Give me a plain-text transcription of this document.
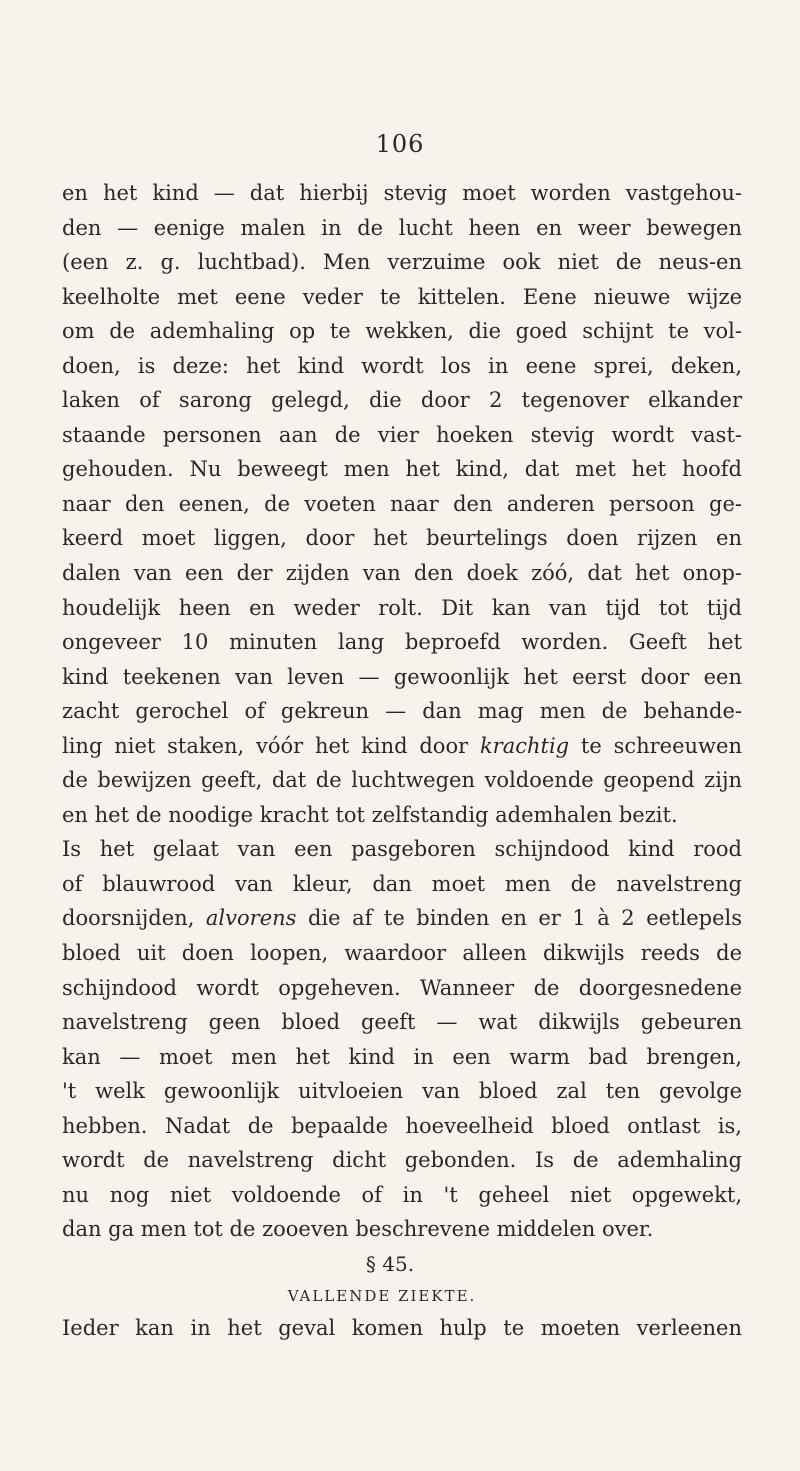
106
en het kind — dat hierbij stevig moet worden vastgehou-
den — eenige malen in de lucht heen en weer bewegen
(een z. g. luchtbad). Men verzuime ook niet de neus-en
keelholte met eene veder te kittelen. Eene nieuwe wijze
om de ademhaling op te wekken, die goed schijnt te vol-
doen, is deze: het kind wordt los in eene sprei, deken,
laken of sarong gelegd, die door 2 tegenover elkander
staande personen aan de vier hoeken stevig wordt vast-
gehouden. Nu beweegt men het kind, dat met het hoofd
naar den eenen, de voeten naar den anderen persoon ge-
keerd moet liggen, door het beurtelings doen rijzen en
dalen van een der zijden van den doek zóó, dat het onop-
houdelijk heen en weder rolt. Dit kan van tijd tot tijd
ongeveer 10 minuten lang beproefd worden. Geeft het
kind teekenen van leven — gewoonlijk het eerst door een
zacht gerochel of gekreun — dan mag men de behande-
ling niet staken, vóór het kind door krachtig te schreeuwen
de bewijzen geeft, dat de luchtwegen voldoende geopend zijn
en het de noodige kracht tot zelfstandig ademhalen bezit.
Is het gelaat van een pasgeboren schijndood kind rood
of blauwrood van kleur, dan moet men de navelstreng
doorsnijden, alvorens die af te binden en er 1 à 2 eetlepels
bloed uit doen loopen, waardoor alleen dikwijls reeds de
schijndood wordt opgeheven. Wanneer de doorgesnedene
navelstreng geen bloed geeft — wat dikwijls gebeuren
kan — moet men het kind in een warm bad brengen,
't welk gewoonlijk uitvloeien van bloed zal ten gevolge
hebben. Nadat de bepaalde hoeveelheid bloed ontlast is,
wordt de navelstreng dicht gebonden. Is de ademhaling
nu nog niet voldoende of in 't geheel niet opgewekt,
dan ga men tot de zooeven beschrevene middelen over.
§ 45.
VALLENDE ZIEKTE.
Ieder kan in het geval komen hulp te moeten verleenen
